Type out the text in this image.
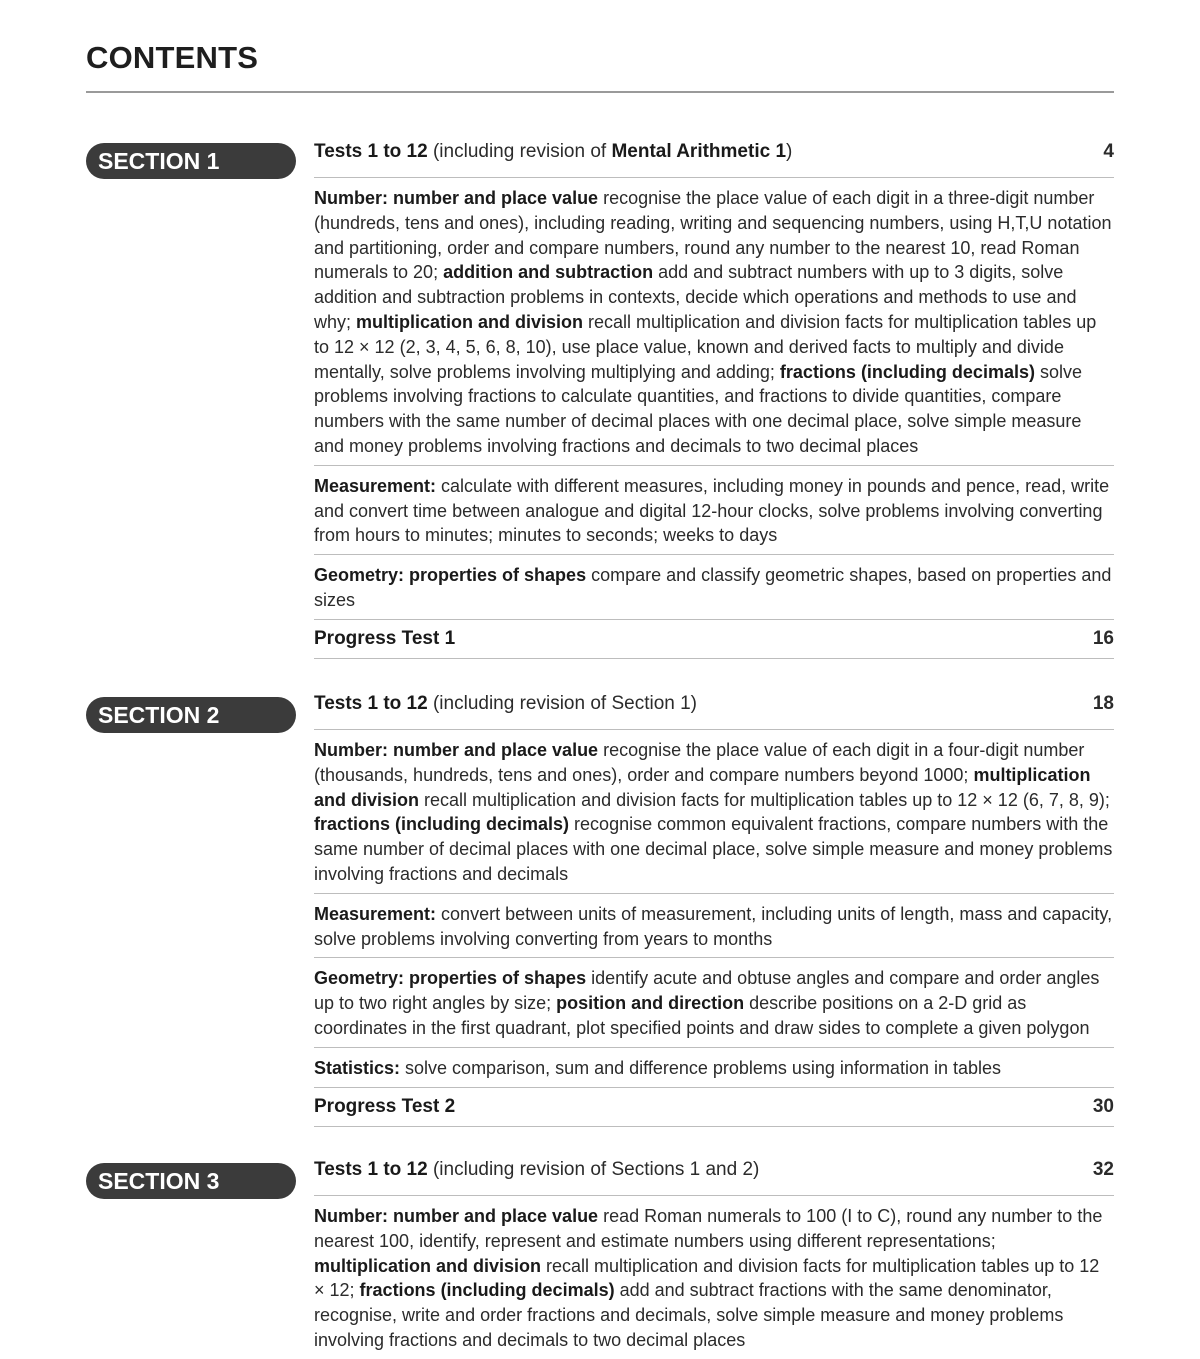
CONTENTS
SECTION 1	Tests 1 to 12 (including revision of Mental Arithmetic 1)	4
Number: number and place value recognise the place value of each digit in a three-digit number (hundreds, tens and ones), including reading, writing and sequencing numbers, using H,T,U notation and partitioning, order and compare numbers, round any number to the nearest 10, read Roman numerals to 20; addition and subtraction add and subtract numbers with up to 3 digits, solve addition and subtraction problems in contexts, decide which operations and methods to use and why; multiplication and division recall multiplication and division facts for multiplication tables up to 12 × 12 (2, 3, 4, 5, 6, 8, 10), use place value, known and derived facts to multiply and divide mentally, solve problems involving multiplying and adding; fractions (including decimals) solve problems involving fractions to calculate quantities, and fractions to divide quantities, compare numbers with the same number of decimal places with one decimal place, solve simple measure and money problems involving fractions and decimals to two decimal places
Measurement: calculate with different measures, including money in pounds and pence, read, write and convert time between analogue and digital 12-hour clocks, solve problems involving converting from hours to minutes; minutes to seconds; weeks to days
Geometry: properties of shapes compare and classify geometric shapes, based on properties and sizes
Progress Test 1	16
SECTION 2	Tests 1 to 12 (including revision of Section 1)	18
Number: number and place value recognise the place value of each digit in a four-digit number (thousands, hundreds, tens and ones), order and compare numbers beyond 1000; multiplication and division recall multiplication and division facts for multiplication tables up to 12 × 12 (6, 7, 8, 9); fractions (including decimals) recognise common equivalent fractions, compare numbers with the same number of decimal places with one decimal place, solve simple measure and money problems involving fractions and decimals
Measurement: convert between units of measurement, including units of length, mass and capacity, solve problems involving converting from years to months
Geometry: properties of shapes identify acute and obtuse angles and compare and order angles up to two right angles by size; position and direction describe positions on a 2-D grid as coordinates in the first quadrant, plot specified points and draw sides to complete a given polygon
Statistics: solve comparison, sum and difference problems using information in tables
Progress Test 2	30
SECTION 3	Tests 1 to 12 (including revision of Sections 1 and 2)	32
Number: number and place value read Roman numerals to 100 (I to C), round any number to the nearest 100, identify, represent and estimate numbers using different representations; multiplication and division recall multiplication and division facts for multiplication tables up to 12 × 12; fractions (including decimals) add and subtract fractions with the same denominator, recognise, write and order fractions and decimals, solve simple measure and money problems involving fractions and decimals to two decimal places
